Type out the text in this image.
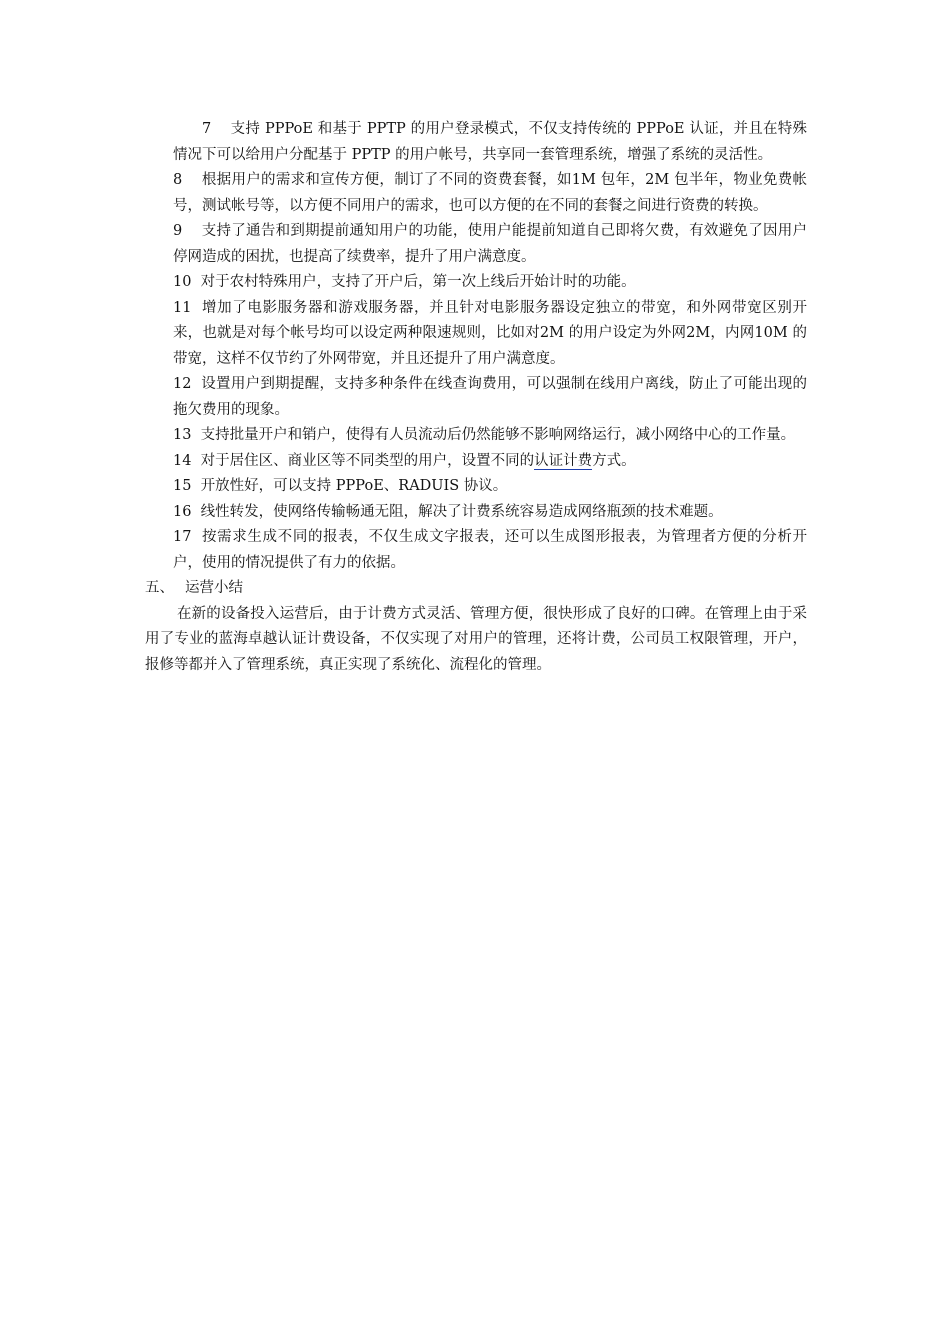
7 支持 PPPoE 和基于 PPTP 的用户登录模式，不仅支持传统的 PPPoE 认证，并且在特殊情况下可以给用户分配基于 PPTP 的用户帐号，共享同一套管理系统，增强了系统的灵活性。

8 根据用户的需求和宣传方便，制订了不同的资费套餐，如1M 包年，2M 包半年，物业免费帐号，测试帐号等，以方便不同用户的需求，也可以方便的在不同的套餐之间进行资费的转换。

9 支持了通告和到期提前通知用户的功能，使用户能提前知道自己即将欠费，有效避免了因用户停网造成的困扰，也提高了续费率，提升了用户满意度。

10 对于农村特殊用户，支持了开户后，第一次上线后开始计时的功能。

11 增加了电影服务器和游戏服务器，并且针对电影服务器设定独立的带宽，和外网带宽区别开来，也就是对每个帐号均可以设定两种限速规则，比如对2M 的用户设定为外网2M，内网10M 的带宽，这样不仅节约了外网带宽，并且还提升了用户满意度。

12 设置用户到期提醒，支持多种条件在线查询费用，可以强制在线用户离线，防止了可能出现的拖欠费用的现象。

13 支持批量开户和销户，使得有人员流动后仍然能够不影响网络运行，减小网络中心的工作量。

14 对于居住区、商业区等不同类型的用户，设置不同的认证计费方式。

15 开放性好，可以支持 PPPoE、RADUIS 协议。

16 线性转发，使网络传输畅通无阻，解决了计费系统容易造成网络瓶颈的技术难题。

17 按需求生成不同的报表，不仅生成文字报表，还可以生成图形报表，为管理者方便的分析开户，使用的情况提供了有力的依据。

五、 运营小结

在新的设备投入运营后，由于计费方式灵活、管理方便，很快形成了良好的口碑。在管理上由于采用了专业的蓝海卓越认证计费设备，不仅实现了对用户的管理，还将计费，公司员工权限管理，开户，报修等都并入了管理系统，真正实现了系统化、流程化的管理。
